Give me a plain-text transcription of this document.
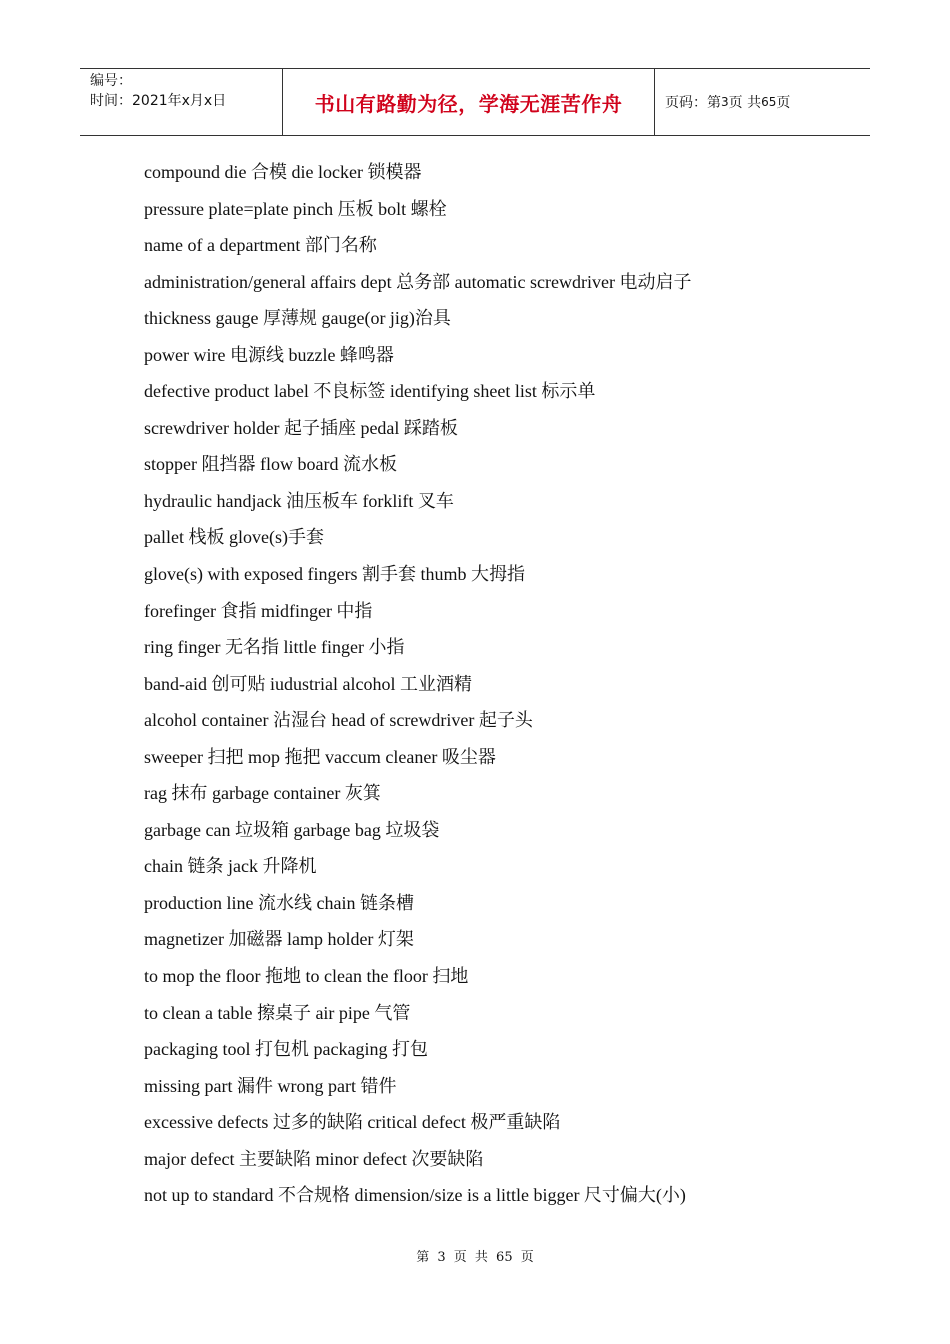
编号：
时间：2021年x月x日	书山有路勤为径，学海无涯苦作舟	页码：第 3 页 共 65 页
compound die 合模 die locker 锁模器
pressure plate=plate pinch 压板 bolt 螺栓
name of a department 部门名称
administration/general affairs dept 总务部 automatic screwdriver 电动启子
thickness gauge 厚薄规 gauge(or jig)治具
power wire 电源线 buzzle 蜂鸣器
defective product label 不良标签 identifying sheet list 标示单
screwdriver holder 起子插座 pedal 踩踏板
stopper 阻挡器 flow board 流水板
hydraulic handjack 油压板车 forklift 叉车
pallet 栈板 glove(s)手套
glove(s) with exposed fingers 割手套 thumb 大拇指
forefinger 食指 midfinger 中指
ring finger 无名指 little finger 小指
band-aid 创可贴 iudustrial alcohol 工业酒精
alcohol container 沾湿台 head of screwdriver 起子头
sweeper 扫把 mop 拖把 vaccum cleaner 吸尘器
rag 抹布 garbage container 灰箕
garbage can 垃圾箱 garbage bag 垃圾袋
chain 链条 jack 升降机
production line 流水线 chain 链条槽
magnetizer 加磁器 lamp holder 灯架
to mop the floor 拖地 to clean the floor 扫地
to clean a table 擦桌子 air pipe 气管
packaging tool 打包机 packaging 打包
missing part 漏件 wrong part 错件
excessive defects 过多的缺陷 critical defect 极严重缺陷
major defect 主要缺陷 minor defect 次要缺陷
not up to standard 不合规格 dimension/size is a little bigger 尺寸偏大(小)
第 3 页 共 65 页
